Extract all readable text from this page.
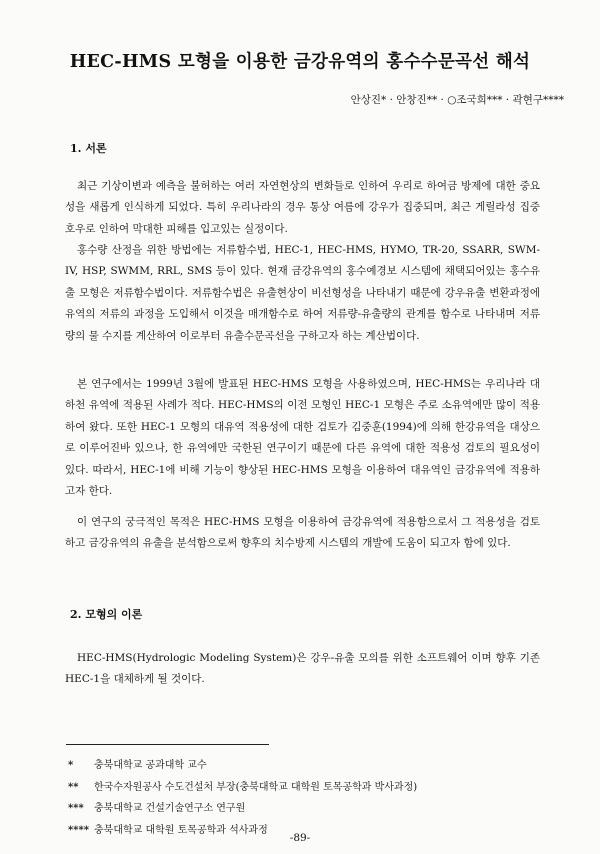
HEC-HMS 모형을 이용한 금강유역의 홍수수문곡선 해석
안상진* · 안창진** · ○조국희*** · 곽현구****
1. 서론

최근 기상이변과 예측을 불허하는 여러 자연현상의 변화들로 인하여 우리로 하여금 방제에 대한 중요성을 새롭게 인식하게 되었다. 특히 우리나라의 경우 통상 여름에 강우가 집중되며, 최근 게릴라성 집중호우로 인하여 막대한 피해를 입고있는 실정이다.

홍수량 산정을 위한 방법에는 저류함수법, HEC-1, HEC-HMS, HYMO, TR-20, SSARR, SWM-IV, HSP, SWMM, RRL, SMS 등이 있다. 현재 금강유역의 홍수예경보 시스템에 채택되어있는 홍수유출 모형은 저류함수법이다. 저류함수법은 유출현상이 비선형성을 나타내기 때문에 강우유출 변환과정에 유역의 저류의 과정을 도입해서 이것을 매개함수로 하여 저류량-유출량의 관계를 함수로 나타내며 저류량의 물 수지를 계산하여 이로부터 유출수문곡선을 구하고자 하는 계산법이다.

본 연구에서는 1999년 3월에 발표된 HEC-HMS 모형을 사용하였으며, HEC-HMS는 우리나라 대하천 유역에 적용된 사례가 적다. HEC-HMS의 이전 모형인 HEC-1 모형은 주로 소유역에만 많이 적용하여 왔다. 또한 HEC-1 모형의 대유역 적용성에 대한 검토가 김중훈(1994)에 의해 한강유역을 대상으로 이루어진바 있으나, 한 유역에만 국한된 연구이기 때문에 다른 유역에 대한 적용성 검토의 필요성이 있다. 따라서, HEC-1에 비해 기능이 향상된 HEC-HMS 모형을 이용하여 대유역인 금강유역에 적용하고자 한다.

이 연구의 궁극적인 목적은 HEC-HMS 모형을 이용하여 금강유역에 적용함으로서 그 적용성을 검토하고 금강유역의 유출을 분석함으로써 향후의 치수방제 시스템의 개발에 도움이 되고자 함에 있다.

2. 모형의 이론

HEC-HMS(Hydrologic Modeling System)은 강우-유출 모의를 위한 소프트웨어 이며 향후 기존 HEC-1을 대체하게 될 것이다.

* 충북대학교 공과대학 교수
** 한국수자원공사 수도건설처 부장(충북대학교 대학원 토목공학과 박사과정)
*** 충북대학교 건설기술연구소 연구원
**** 충북대학교 대학원 토목공학과 석사과정
-89-
